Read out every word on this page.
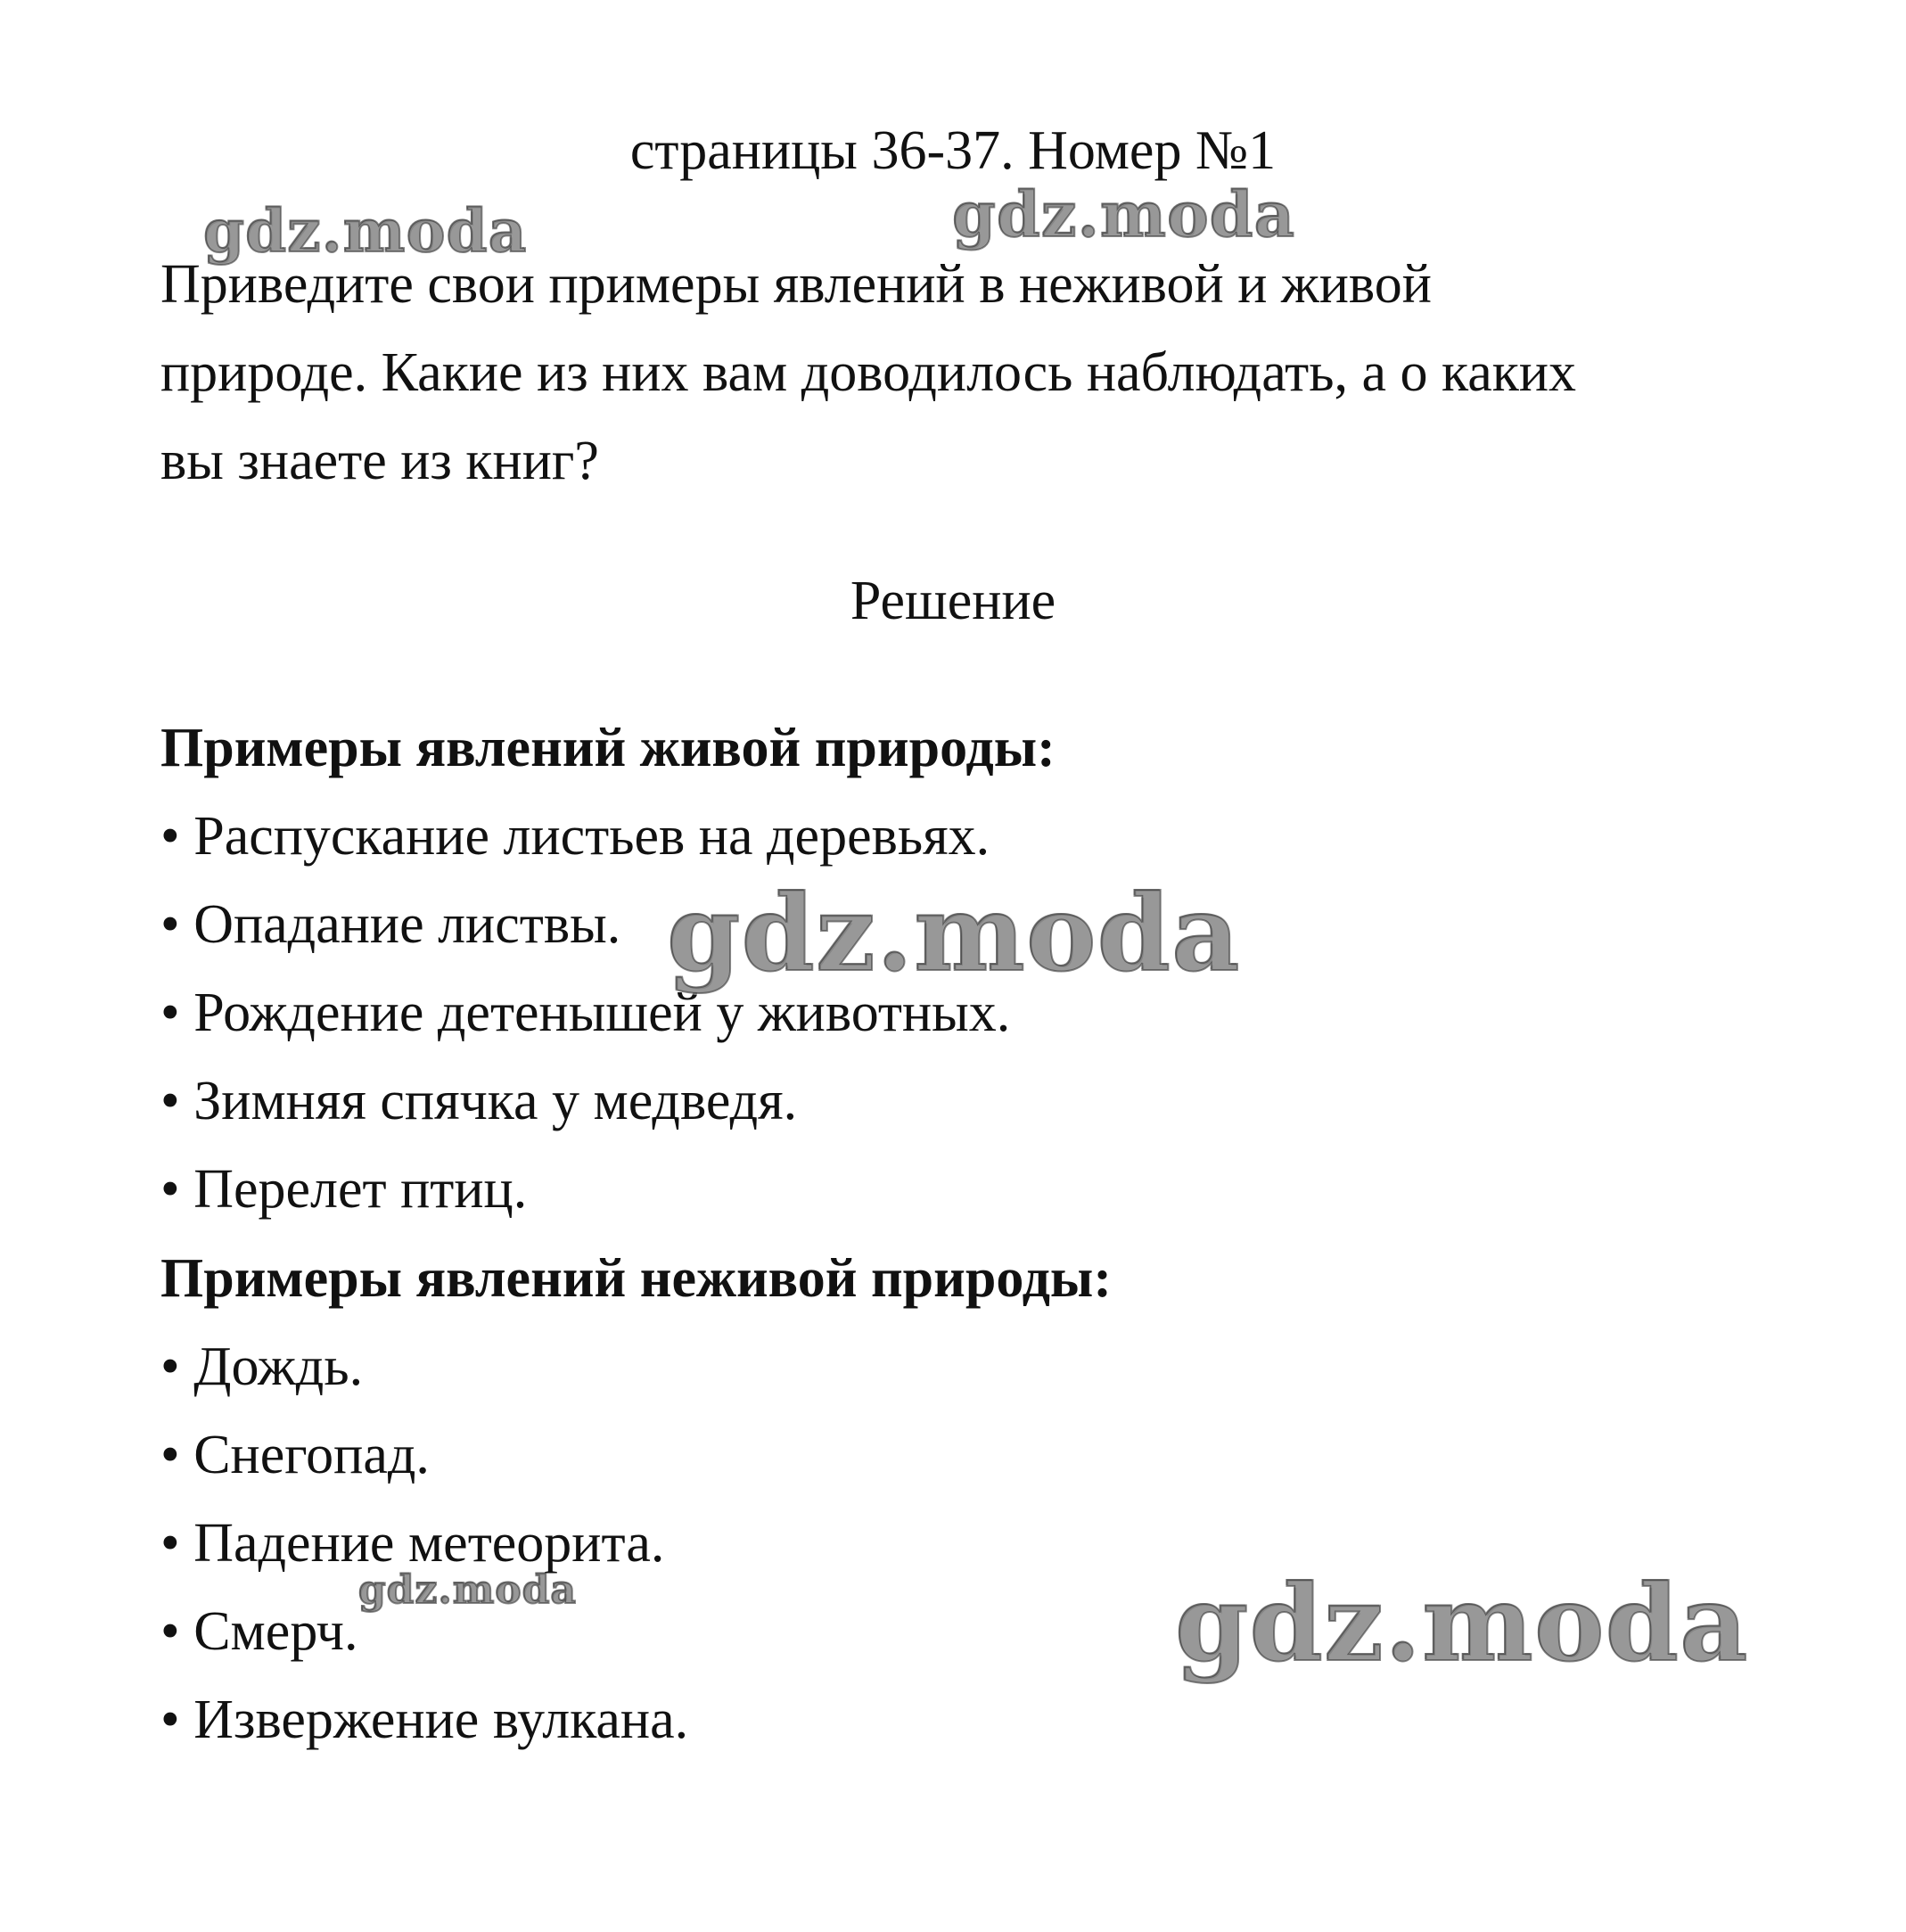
страницы 36-37. Номер №1
Приведите свои примеры явлений в неживой и живой
природе. Какие из них вам доводилось наблюдать, а о каких
вы знаете из книг?
Решение
Примеры явлений живой природы:
• Распускание листьев на деревьях.
• Опадание листвы.
• Рождение детенышей у животных.
• Зимняя спячка у медведя.
• Перелет птиц.
Примеры явлений неживой природы:
• Дождь.
• Снегопад.
• Падение метеорита.
• Смерч.
• Извержение вулкана.
gdz.moda	gdz.moda
gdz.moda
gdz.moda	gdz.moda
